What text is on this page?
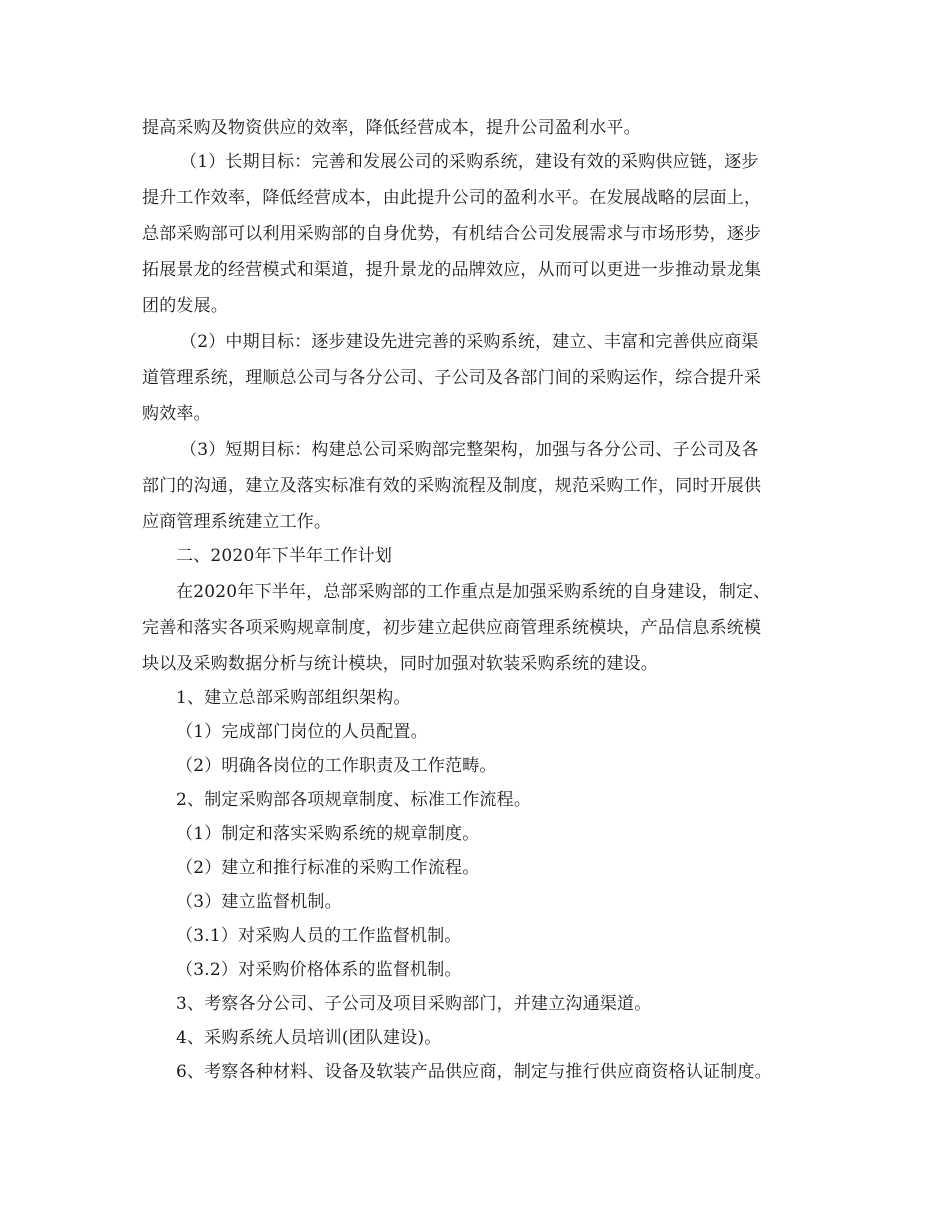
提高采购及物资供应的效率，降低经营成本，提升公司盈利水平。
（1）长期目标：完善和发展公司的采购系统，建设有效的采购供应链，逐步
提升工作效率，降低经营成本，由此提升公司的盈利水平。在发展战略的层面上，
总部采购部可以利用采购部的自身优势，有机结合公司发展需求与市场形势，逐步
拓展景龙的经营模式和渠道，提升景龙的品牌效应，从而可以更进一步推动景龙集
团的发展。
（2）中期目标：逐步建设先进完善的采购系统，建立、丰富和完善供应商渠
道管理系统，理顺总公司与各分公司、子公司及各部门间的采购运作，综合提升采
购效率。
（3）短期目标：构建总公司采购部完整架构，加强与各分公司、子公司及各
部门的沟通，建立及落实标准有效的采购流程及制度，规范采购工作，同时开展供
应商管理系统建立工作。
二、2020年下半年工作计划
在2020年下半年，总部采购部的工作重点是加强采购系统的自身建设，制定、
完善和落实各项采购规章制度，初步建立起供应商管理系统模块，产品信息系统模
块以及采购数据分析与统计模块，同时加强对软装采购系统的建设。
1、建立总部采购部组织架构。
（1）完成部门岗位的人员配置。
（2）明确各岗位的工作职责及工作范畴。
2、制定采购部各项规章制度、标准工作流程。
（1）制定和落实采购系统的规章制度。
（2）建立和推行标准的采购工作流程。
（3）建立监督机制。
（3.1）对采购人员的工作监督机制。
（3.2）对采购价格体系的监督机制。
3、考察各分公司、子公司及项目采购部门，并建立沟通渠道。
4、采购系统人员培训(团队建设)。
6、考察各种材料、设备及软装产品供应商，制定与推行供应商资格认证制度。
